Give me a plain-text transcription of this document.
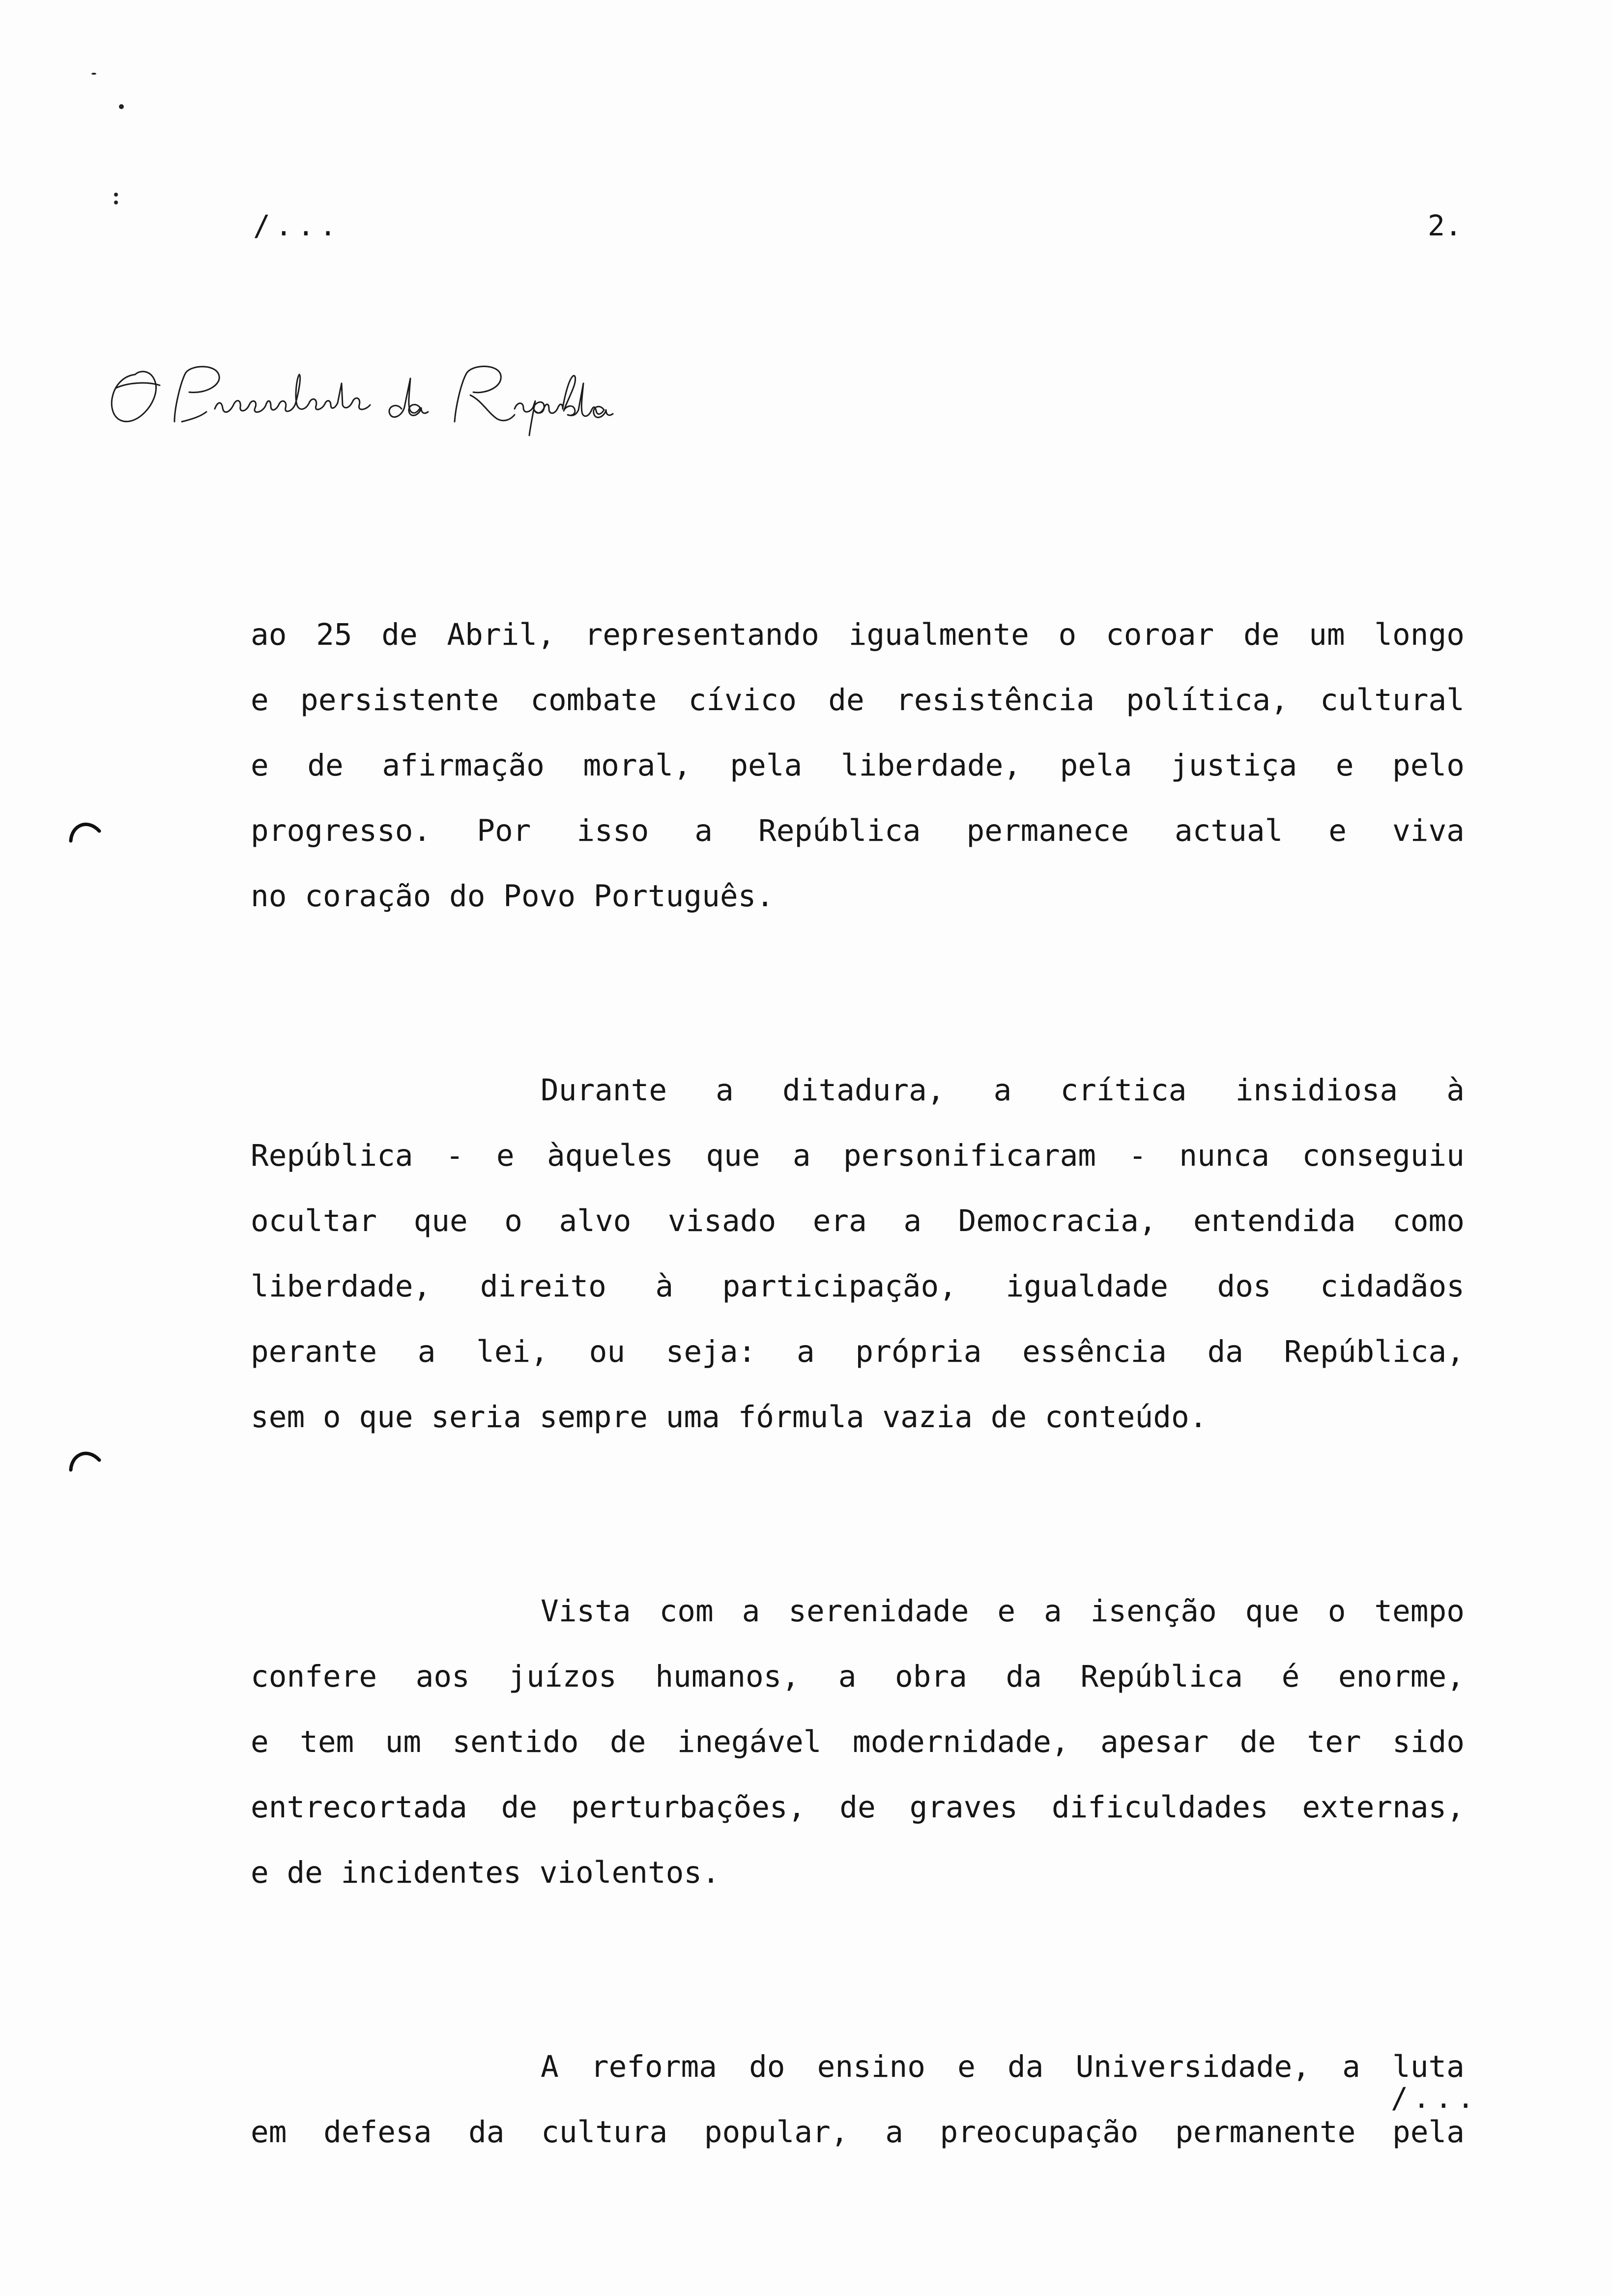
/...	2.
ao 25 de Abril, representando igualmente o coroar de um longo
e persistente combate cívico de resistência política, cultural
e de afirmação moral, pela liberdade, pela justiça e pelo
progresso. Por isso a República permanece actual e viva
no coração do Povo Português.
Durante a ditadura, a crítica insidiosa à
República - e àqueles que a personificaram - nunca conseguiu
ocultar que o alvo visado era a Democracia, entendida como
liberdade, direito à participação, igualdade dos cidadãos
perante a lei, ou seja: a própria essência da República,
sem o que seria sempre uma fórmula vazia de conteúdo.
Vista com a serenidade e a isenção que o tempo
confere aos juízos humanos, a obra da República é enorme,
e tem um sentido de inegável modernidade, apesar de ter sido
entrecortada de perturbações, de graves dificuldades externas,
e de incidentes violentos.
A reforma do ensino e da Universidade, a luta
em defesa da cultura popular, a preocupação permanente pela
/...
